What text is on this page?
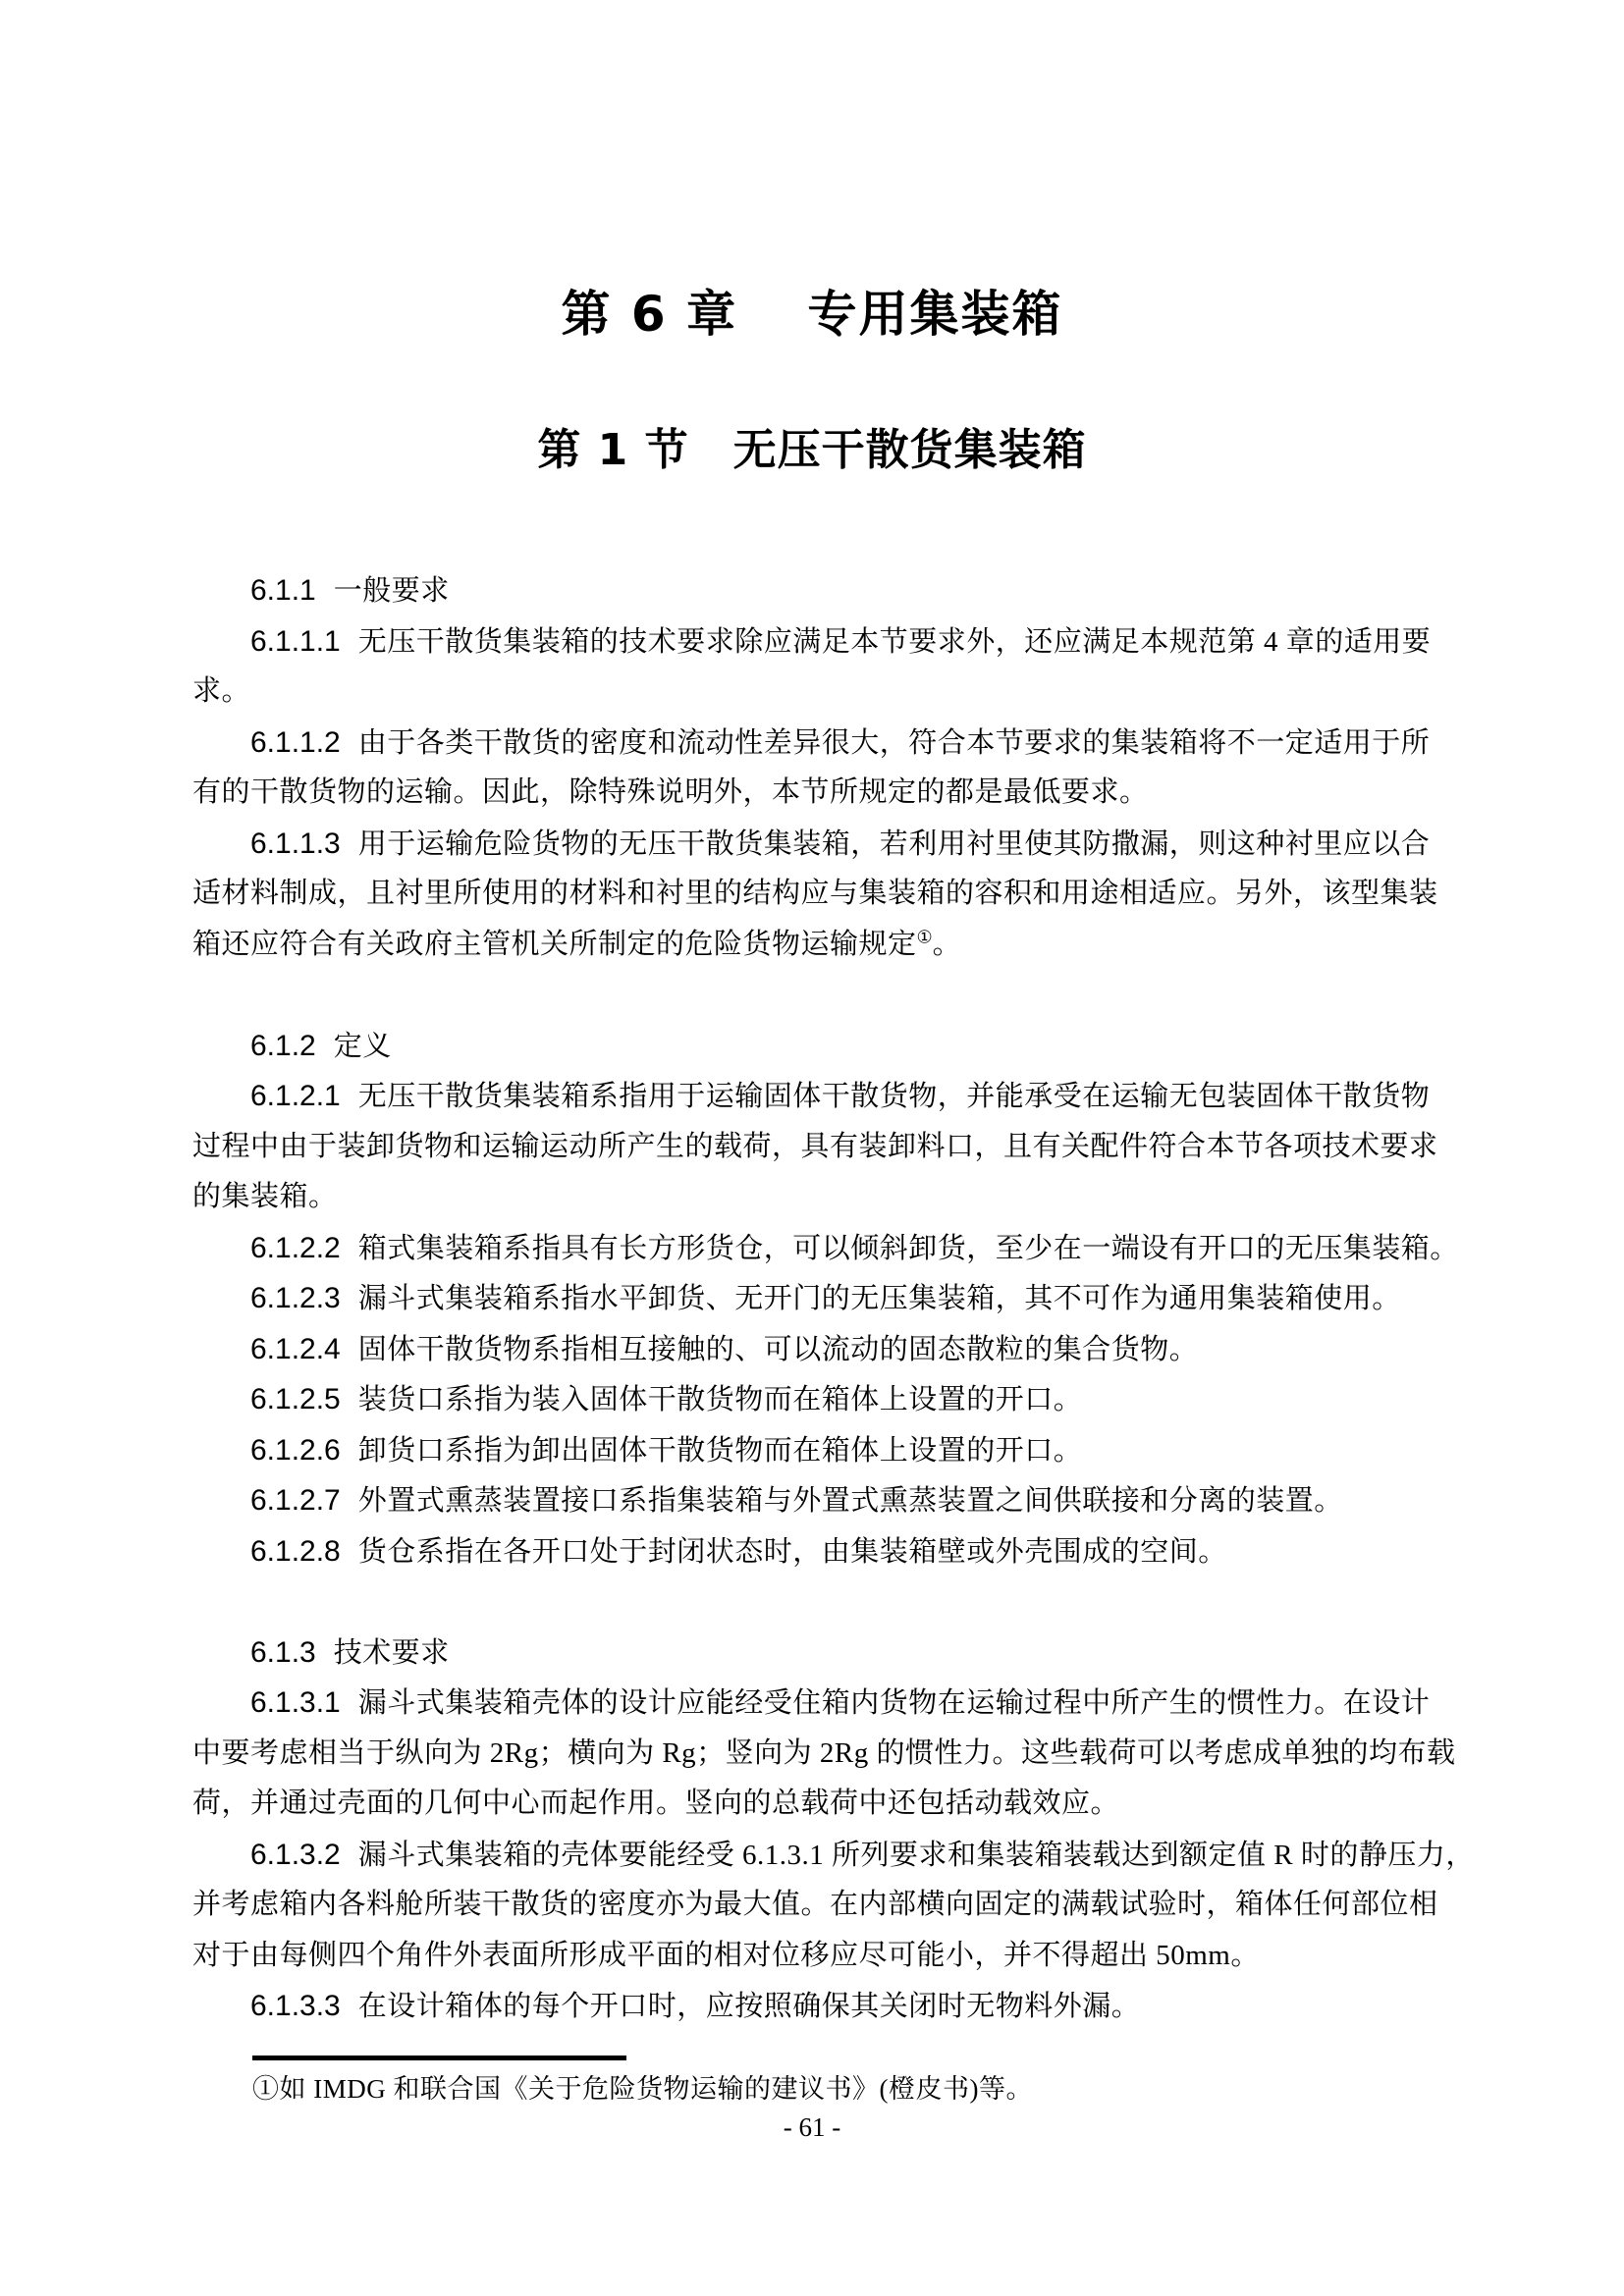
第 6 章　 专用集装箱
第 1 节　无压干散货集装箱
6.1.1 一般要求
6.1.1.1 无压干散货集装箱的技术要求除应满足本节要求外，还应满足本规范第 4 章的适用要
求。
6.1.1.2 由于各类干散货的密度和流动性差异很大，符合本节要求的集装箱将不一定适用于所
有的干散货物的运输。因此，除特殊说明外，本节所规定的都是最低要求。
6.1.1.3 用于运输危险货物的无压干散货集装箱，若利用衬里使其防撒漏，则这种衬里应以合
适材料制成，且衬里所使用的材料和衬里的结构应与集装箱的容积和用途相适应。另外，该型集装
箱还应符合有关政府主管机关所制定的危险货物运输规定①。
6.1.2 定义
6.1.2.1 无压干散货集装箱系指用于运输固体干散货物，并能承受在运输无包装固体干散货物
过程中由于装卸货物和运输运动所产生的载荷，具有装卸料口，且有关配件符合本节各项技术要求
的集装箱。
6.1.2.2 箱式集装箱系指具有长方形货仓，可以倾斜卸货，至少在一端设有开口的无压集装箱。
6.1.2.3 漏斗式集装箱系指水平卸货、无开门的无压集装箱，其不可作为通用集装箱使用。
6.1.2.4 固体干散货物系指相互接触的、可以流动的固态散粒的集合货物。
6.1.2.5 装货口系指为装入固体干散货物而在箱体上设置的开口。
6.1.2.6 卸货口系指为卸出固体干散货物而在箱体上设置的开口。
6.1.2.7 外置式熏蒸装置接口系指集装箱与外置式熏蒸装置之间供联接和分离的装置。
6.1.2.8 货仓系指在各开口处于封闭状态时，由集装箱壁或外壳围成的空间。
6.1.3 技术要求
6.1.3.1 漏斗式集装箱壳体的设计应能经受住箱内货物在运输过程中所产生的惯性力。在设计
中要考虑相当于纵向为 2Rg；横向为 Rg；竖向为 2Rg 的惯性力。这些载荷可以考虑成单独的均布载
荷，并通过壳面的几何中心而起作用。竖向的总载荷中还包括动载效应。
6.1.3.2 漏斗式集装箱的壳体要能经受 6.1.3.1 所列要求和集装箱装载达到额定值 R 时的静压力，
并考虑箱内各料舱所装干散货的密度亦为最大值。在内部横向固定的满载试验时，箱体任何部位相
对于由每侧四个角件外表面所形成平面的相对位移应尽可能小，并不得超出 50mm。
6.1.3.3 在设计箱体的每个开口时，应按照确保其关闭时无物料外漏。
①如 IMDG 和联合国《关于危险货物运输的建议书》(橙皮书)等。
- 61 -
